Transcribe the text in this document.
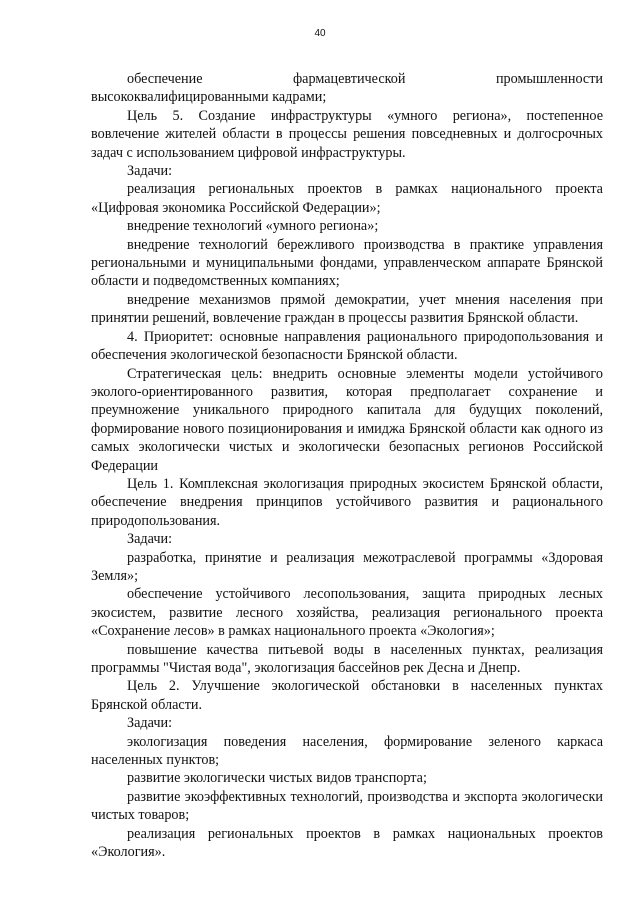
40

обеспечение фармацевтической промышленности высококвалифицированными кадрами;

Цель 5. Создание инфраструктуры «умного региона», постепенное вовлечение жителей области в процессы решения повседневных и долгосрочных задач с использованием цифровой инфраструктуры.

Задачи:

реализация региональных проектов в рамках национального проекта «Цифровая экономика Российской Федерации»;

внедрение технологий «умного региона»;

внедрение технологий бережливого производства в практике управления региональными и муниципальными фондами, управленческом аппарате Брянской области и подведомственных компаниях;

внедрение механизмов прямой демократии, учет мнения населения при принятии решений, вовлечение граждан в процессы развития Брянской области.

4. Приоритет: основные направления рационального природопользования и обеспечения экологической безопасности Брянской области.

Стратегическая цель: внедрить основные элементы модели устойчивого эколого-ориентированного развития, которая предполагает сохранение и преумножение уникального природного капитала для будущих поколений, формирование нового позиционирования и имиджа Брянской области как одного из самых экологически чистых и экологически безопасных регионов Российской Федерации

Цель 1. Комплексная экологизация природных экосистем Брянской области, обеспечение внедрения принципов устойчивого развития и рационального природопользования.

Задачи:

разработка, принятие и реализация межотраслевой программы «Здоровая Земля»;

обеспечение устойчивого лесопользования, защита природных лесных экосистем, развитие лесного хозяйства, реализация регионального проекта «Сохранение лесов» в рамках национального проекта «Экология»;

повышение качества питьевой воды в населенных пунктах, реализация программы "Чистая вода", экологизация бассейнов рек Десна и Днепр.

Цель 2. Улучшение экологической обстановки в населенных пунктах Брянской области.

Задачи:

экологизация поведения населения, формирование зеленого каркаса населенных пунктов;

развитие экологически чистых видов транспорта;

развитие экоэффективных технологий, производства и экспорта экологически чистых товаров;

реализация региональных проектов в рамках национальных проектов «Экология».
